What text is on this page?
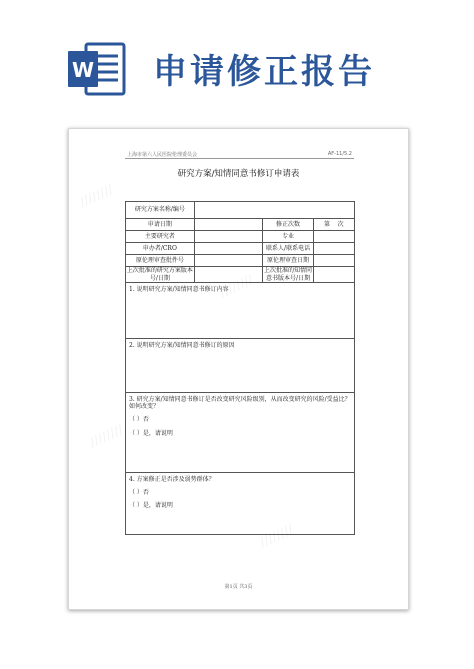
W 申请修正报告
////////
////////
////////
////////
上海市第六人民医院伦理委员会	AF-11/5.2
研究方案/知情同意书修订申请表
研究方案名称/编号			
申请日期		修正次数	第    次
主要研究者		专业	
申办者/CRO		联系人/联系电话	
原伦理审查批件号		原伦理审查日期	
上次批准的研究方案版本号/日期		上次批准的知情同意书版本号/日期	
1. 说明研究方案/知情同意书修订内容			
2. 说明研究方案/知情同意书修订的原因			
3. 研究方案/知情同意书修订是否改变研究风险级别，从而改变研究的风险/受益比？如何改变？
（ ）否
（ ）是，请说明			

4. 方案修正是否涉及弱势群体？
（ ）否
（ ）是，请说明			
第1页 共3页
